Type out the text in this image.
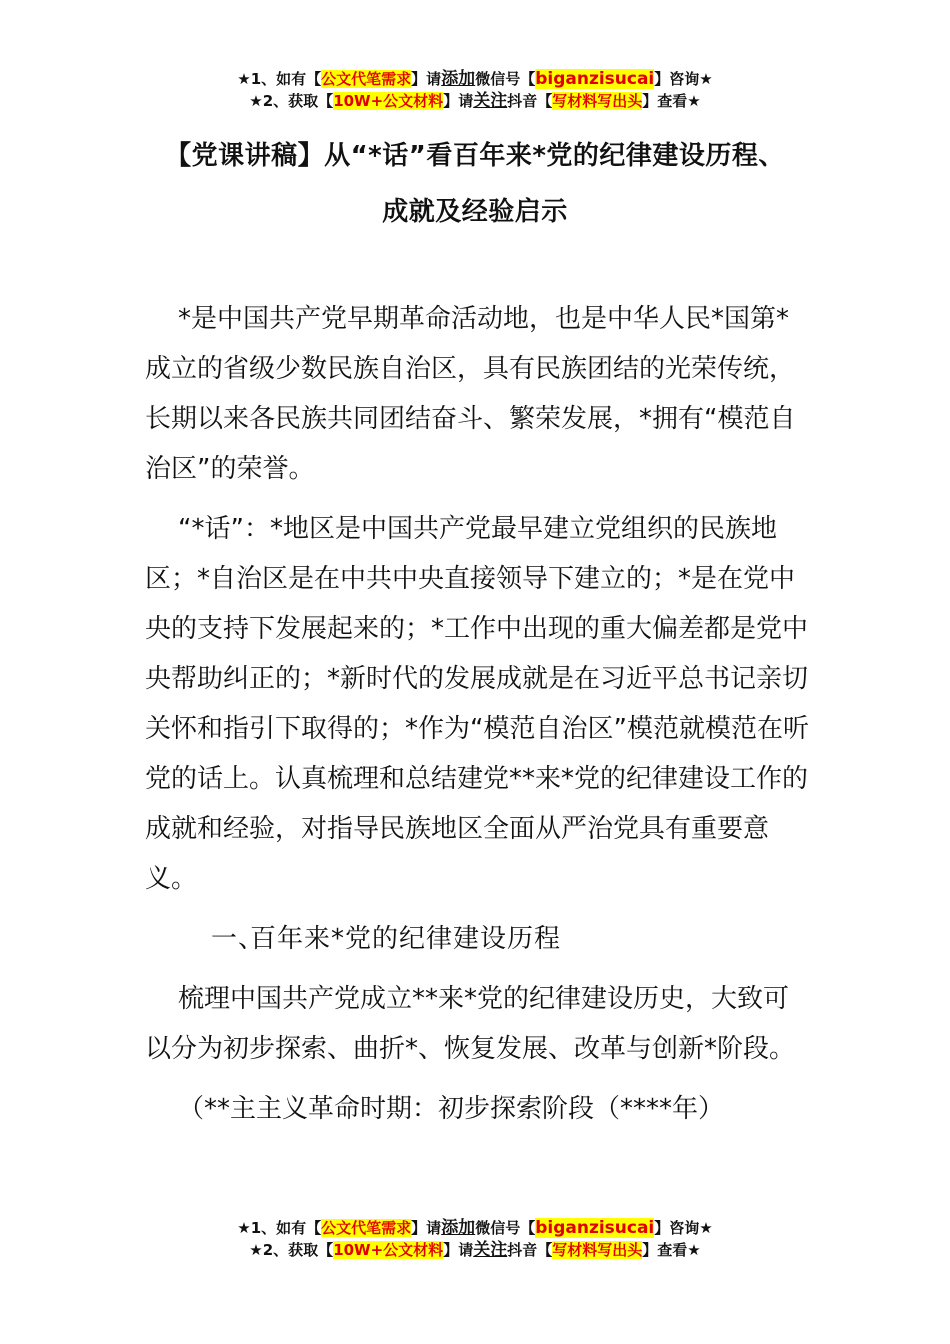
★1、如有【公文代笔需求】请添加微信号【biganzisucai】咨询★
★2、获取【10W+公文材料】请关注抖音【写材料写出头】查看★
【党课讲稿】从“*话”看百年来*党的纪律建设历程、
成就及经验启示

*是中国共产党早期革命活动地，也是中华人民*国第*成立的省级少数民族自治区，具有民族团结的光荣传统，长期以来各民族共同团结奋斗、繁荣发展，*拥有“模范自治区”的荣誉。

“*话”：*地区是中国共产党最早建立党组织的民族地区；*自治区是在中共中央直接领导下建立的；*是在党中央的支持下发展起来的；*工作中出现的重大偏差都是党中央帮助纠正的；*新时代的发展成就是在习近平总书记亲切关怀和指引下取得的；*作为“模范自治区”模范就模范在听党的话上。认真梳理和总结建党**来*党的纪律建设工作的成就和经验，对指导民族地区全面从严治党具有重要意义。

一、百年来*党的纪律建设历程

梳理中国共产党成立**来*党的纪律建设历史，大致可以分为初步探索、曲折*、恢复发展、改革与创新*阶段。

（**主主义革命时期：初步探索阶段（****年）

★1、如有【公文代笔需求】请添加微信号【biganzisucai】咨询★
★2、获取【10W+公文材料】请关注抖音【写材料写出头】查看★
